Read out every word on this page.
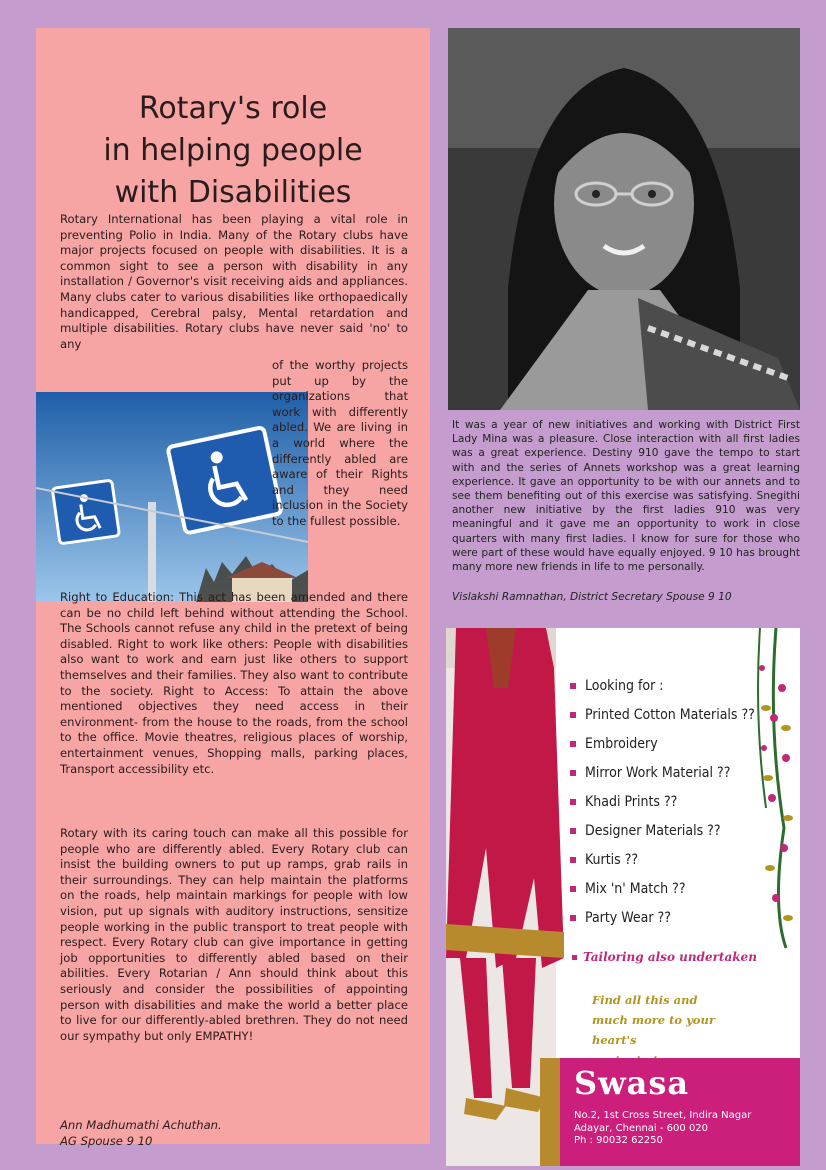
Rotary's role
in helping people
with Disabilities

Rotary International has been playing a vital role in preventing Polio in India. Many of the Rotary clubs have major projects focused on people with disabilities. It is a common sight to see a person with disability in any installation / Governor's visit receiving aids and appliances. Many clubs cater to various disabilities like orthopaedically handicapped, Cerebral palsy, Mental retardation and multiple disabilities. Rotary clubs have never said 'no' to any

of the worthy projects put up by the organizations that work with differently abled. We are living in a world where the differently abled are aware of their Rights and they need inclusion in the Society to the fullest possible.

Right to Education: This act has been amended and there can be no child left behind without attending the School. The Schools cannot refuse any child in the pretext of being disabled. Right to work like others: People with disabilities also want to work and earn just like others to support themselves and their families. They also want to contribute to the society. Right to Access: To attain the above mentioned objectives they need access in their environment- from the house to the roads, from the school to the office. Movie theatres, religious places of worship, entertainment venues, Shopping malls, parking places, Transport accessibility etc.

Rotary with its caring touch can make all this possible for people who are differently abled. Every Rotary club can insist the building owners to put up ramps, grab rails in their surroundings. They can help maintain the platforms on the roads, help maintain markings for people with low vision, put up signals with auditory instructions, sensitize people working in the public transport to treat people with respect. Every Rotary club can give importance in getting job opportunities to differently abled based on their abilities. Every Rotarian / Ann should think about this seriously and consider the possibilities of appointing person with disabilities and make the world a better place to live for our differently-abled brethren. They do not need our sympathy but only EMPATHY!

Ann Madhumathi Achuthan.
AG Spouse 9 10

It was a year of new initiatives and working with District First Lady Mina was a pleasure. Close interaction with all first ladies was a great experience. Destiny 910 gave the tempo to start with and the series of Annets workshop was a great learning experience. It gave an opportunity to be with our annets and to see them benefiting out of this exercise was satisfying. Snegithi another new initiative by the first ladies 910 was very meaningful and it gave me an opportunity to work in close quarters with many first ladies. I know for sure for those who were part of these would have equally enjoyed. 9 10 has brought many more new friends in life to me personally.

Vislakshi Ramnathan, District Secretary Spouse 9 10

Looking for :
Printed Cotton Materials ??
Embroidery
Mirror Work Material ??
Khadi Prints ??
Designer Materials ??
Kurtis ??
Mix 'n' Match ??
Party Wear ??
Tailoring also undertaken

Find all this and
much more to your heart's

Swasa
No.2, 1st Cross Street, Indira Nagar
Adayar, Chennai - 600 020
Ph : 90032 62250
